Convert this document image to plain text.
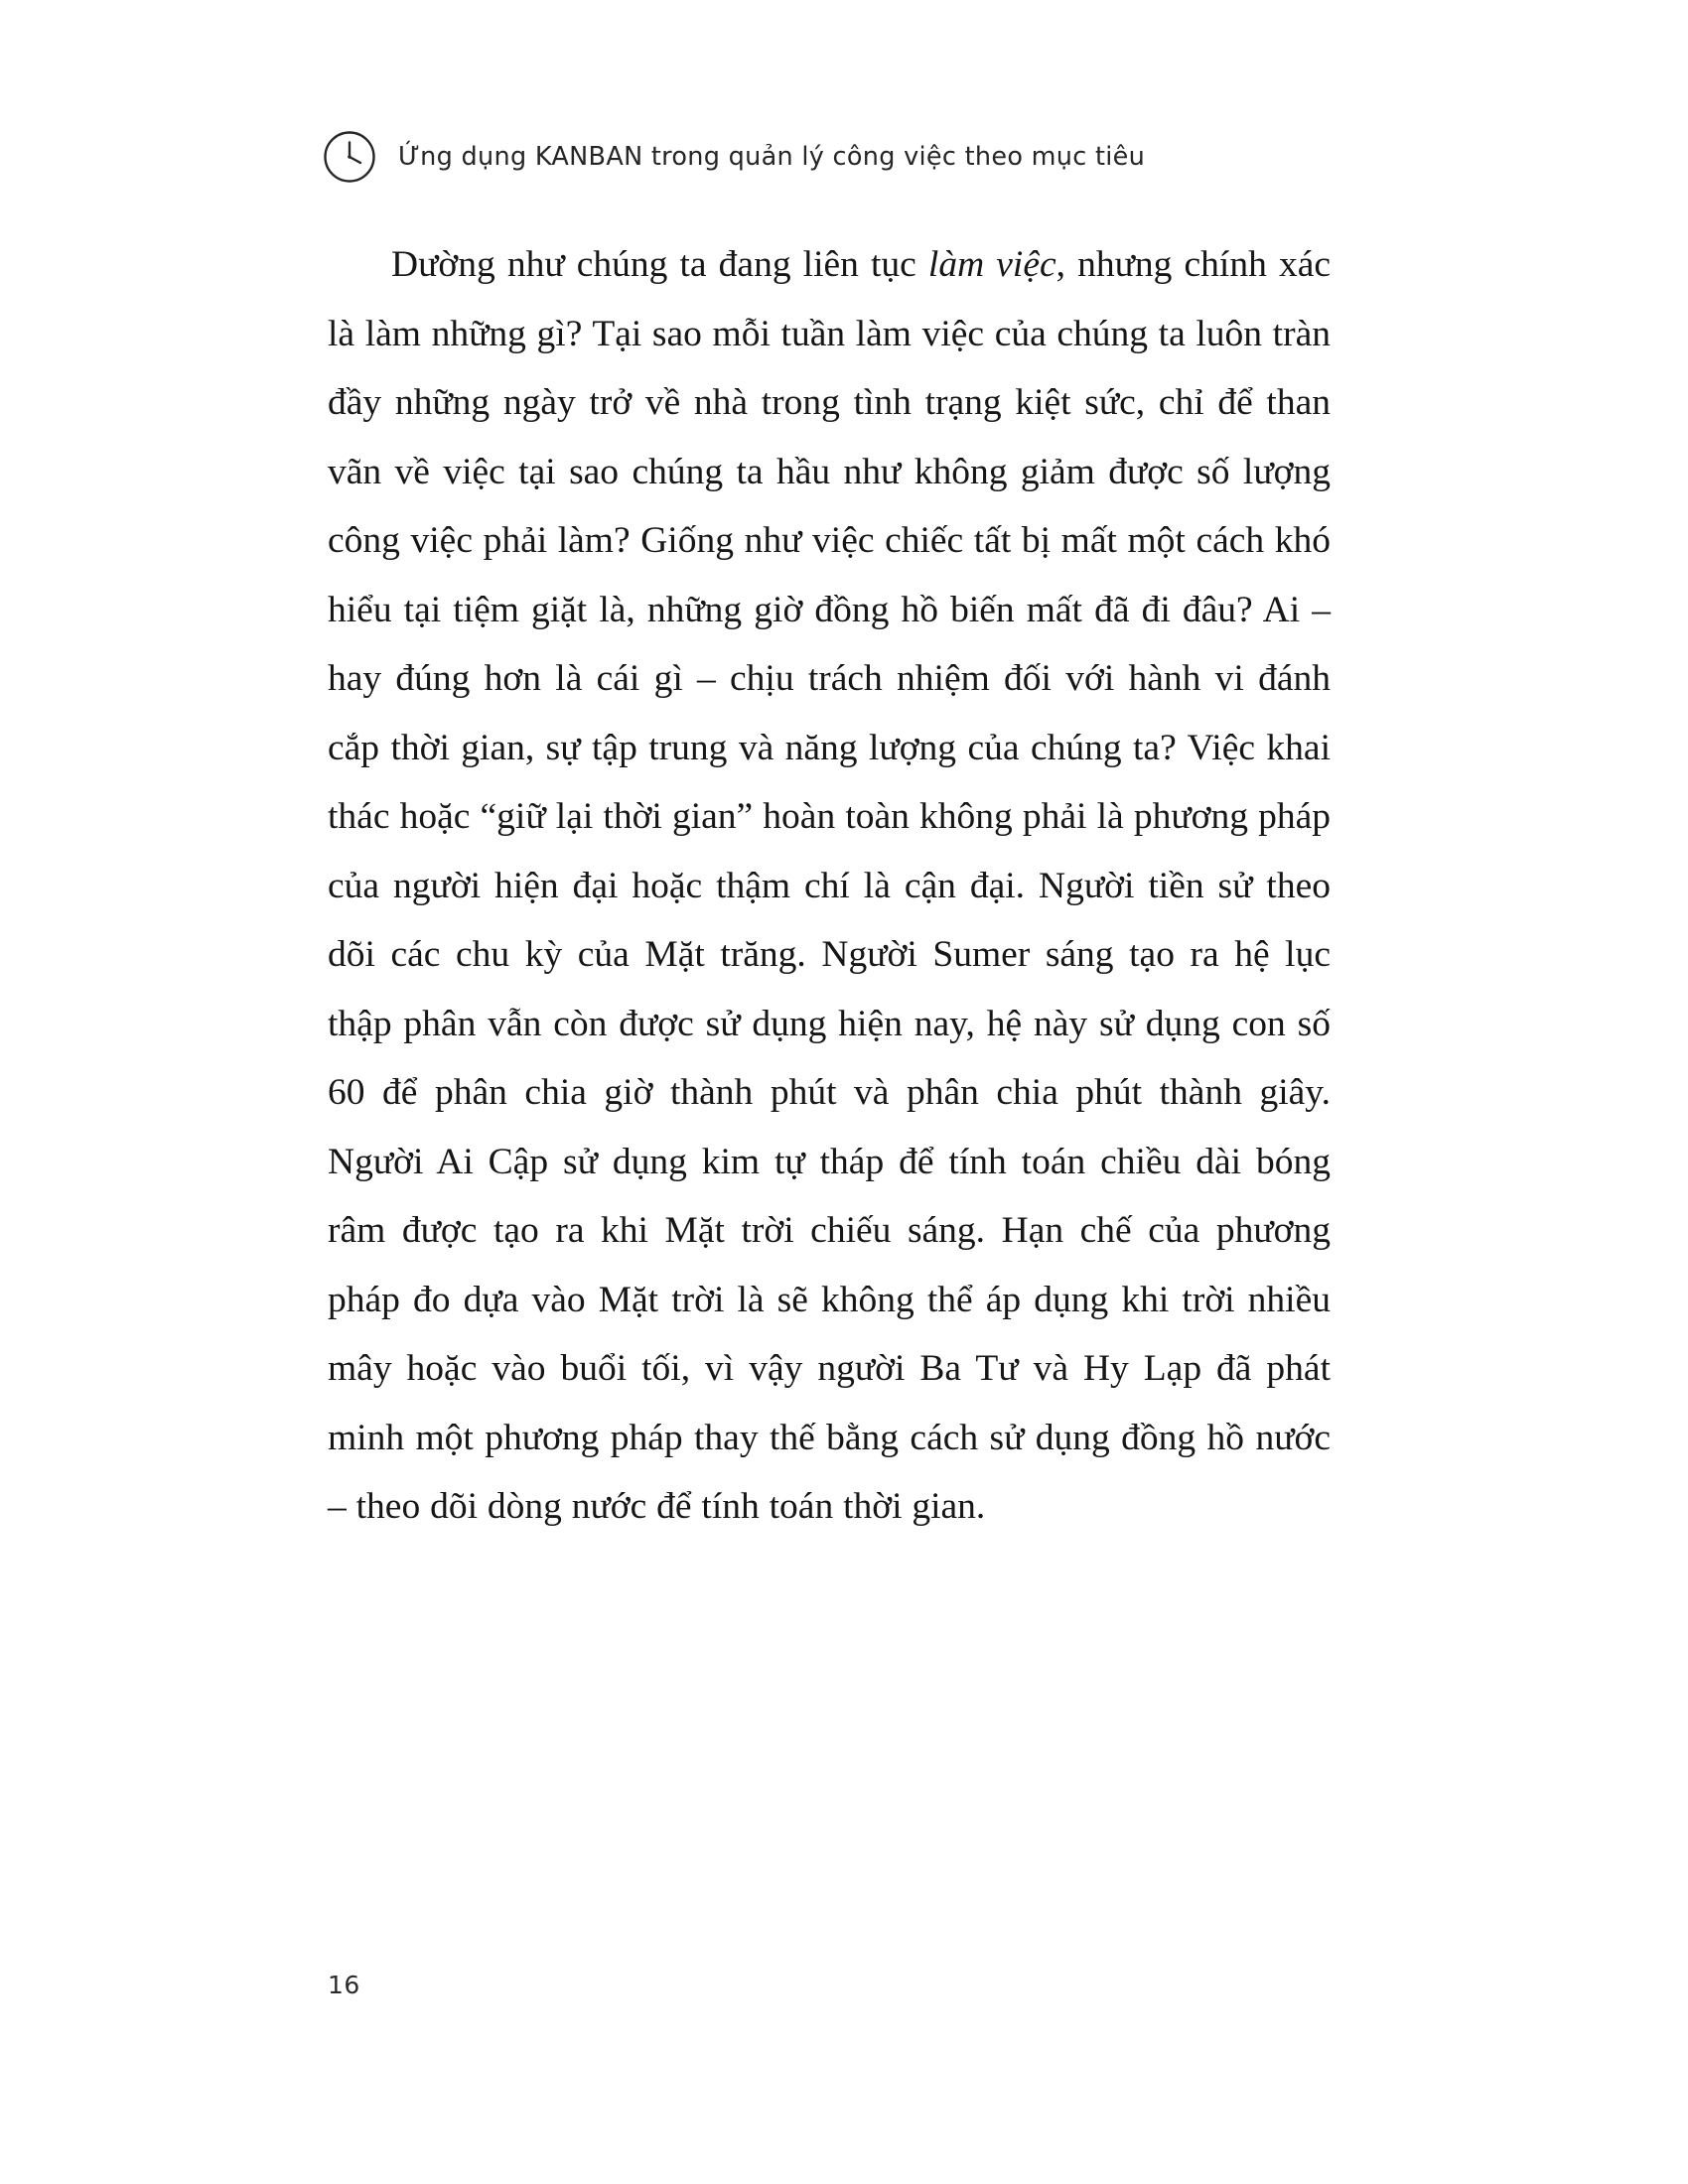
Ứng dụng KANBAN trong quản lý công việc theo mục tiêu

Dường như chúng ta đang liên tục làm việc, nhưng chính xác là làm những gì? Tại sao mỗi tuần làm việc của chúng ta luôn tràn đầy những ngày trở về nhà trong tình trạng kiệt sức, chỉ để than vãn về việc tại sao chúng ta hầu như không giảm được số lượng công việc phải làm? Giống như việc chiếc tất bị mất một cách khó hiểu tại tiệm giặt là, những giờ đồng hồ biến mất đã đi đâu? Ai – hay đúng hơn là cái gì – chịu trách nhiệm đối với hành vi đánh cắp thời gian, sự tập trung và năng lượng của chúng ta? Việc khai thác hoặc “giữ lại thời gian” hoàn toàn không phải là phương pháp của người hiện đại hoặc thậm chí là cận đại. Người tiền sử theo dõi các chu kỳ của Mặt trăng. Người Sumer sáng tạo ra hệ lục thập phân vẫn còn được sử dụng hiện nay, hệ này sử dụng con số 60 để phân chia giờ thành phút và phân chia phút thành giây. Người Ai Cập sử dụng kim tự tháp để tính toán chiều dài bóng râm được tạo ra khi Mặt trời chiếu sáng. Hạn chế của phương pháp đo dựa vào Mặt trời là sẽ không thể áp dụng khi trời nhiều mây hoặc vào buổi tối, vì vậy người Ba Tư và Hy Lạp đã phát minh một phương pháp thay thế bằng cách sử dụng đồng hồ nước – theo dõi dòng nước để tính toán thời gian.

16
